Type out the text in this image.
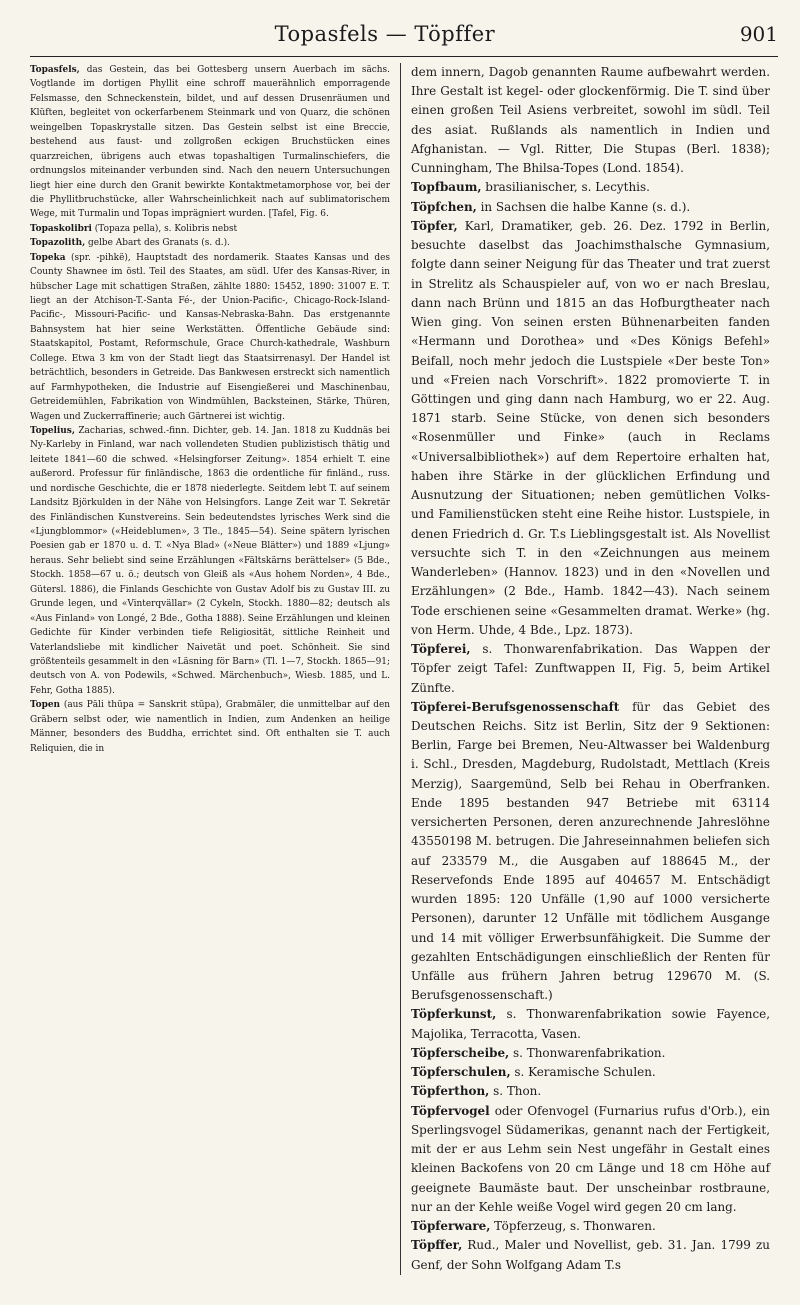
Topasfels — Töpffer	901

Topasfels, das Gestein, das bei Gottesberg unsern Auerbach im sächs. Vogtlande im dortigen Phyllit eine schroff mauerähnlich emporragende Felsmasse, den Schneckenstein, bildet, und auf dessen Drusenräumen und Klüften, begleitet von ockerfarbenem Steinmark und von Quarz, die schönen weingelben Topaskrystalle sitzen. Das Gestein selbst ist eine Breccie, bestehend aus faust- und zollgroßen eckigen Bruchstücken eines quarzreichen, übrigens auch etwas topashaltigen Turmalinschiefers, die ordnungslos miteinander verbunden sind. Nach den neuern Untersuchungen liegt hier eine durch den Granit bewirkte Kontaktmetamorphose vor, bei der die Phyllitbruchstücke, aller Wahrscheinlichkeit nach auf sublimatorischem Wege, mit Turmalin und Topas imprägniert wurden. [Tafel, Fig. 6.

Topaskolibri (Topaza pella), s. Kolibris nebst

Topazolith, gelbe Abart des Granats (s. d.).

Topeka (spr. -pihkë), Hauptstadt des nordamerik. Staates Kansas und des County Shawnee im östl. Teil des Staates, am südl. Ufer des Kansas-River, in hübscher Lage mit schattigen Straßen, zählte 1880: 15452, 1890: 31007 E. T. liegt an der Atchison-T.-Santa Fé-, der Union-Pacific-, Chicago-Rock-Island-Pacific-, Missouri-Pacific- und Kansas-Nebraska-Bahn. Das erstgenannte Bahnsystem hat hier seine Werkstätten. Öffentliche Gebäude sind: Staatskapitol, Postamt, Reformschule, Grace Church-kathedrale, Washburn College. Etwa 3 km von der Stadt liegt das Staatsirrenasyl. Der Handel ist beträchtlich, besonders in Getreide. Das Bankwesen erstreckt sich namentlich auf Farmhypotheken, die Industrie auf Eisengießerei und Maschinenbau, Getreidemühlen, Fabrikation von Windmühlen, Backsteinen, Stärke, Thüren, Wagen und Zuckerraffinerie; auch Gärtnerei ist wichtig.

Topelius, Zacharias, schwed.-finn. Dichter, geb. 14. Jan. 1818 zu Kuddnäs bei Ny-Karleby in Finland, war nach vollendeten Studien publizistisch thätig und leitete 1841—60 die schwed. «Helsingforser Zeitung». 1854 erhielt T. eine außerord. Professur für finländische, 1863 die ordentliche für finländ., russ. und nordische Geschichte, die er 1878 niederlegte. Seitdem lebt T. auf seinem Landsitz Björkulden in der Nähe von Helsingfors. Lange Zeit war T. Sekretär des Finländischen Kunstvereins. Sein bedeutendstes lyrisches Werk sind die «Ljungblommor» («Heideblumen», 3 Tle., 1845—54). Seine spätern lyrischen Poesien gab er 1870 u. d. T. «Nya Blad» («Neue Blätter») und 1889 «Ljung» heraus. Sehr beliebt sind seine Erzählungen «Fältskärns berättelser» (5 Bde., Stockh. 1858—67 u. ö.; deutsch von Gleiß als «Aus hohem Norden», 4 Bde., Gütersl. 1886), die Finlands Geschichte von Gustav Adolf bis zu Gustav III. zu Grunde legen, und «Vinterqvällar» (2 Cykeln, Stockh. 1880—82; deutsch als «Aus Finland» von Longé, 2 Bde., Gotha 1888). Seine Erzählungen und kleinen Gedichte für Kinder verbinden tiefe Religiosität, sittliche Reinheit und Vaterlandsliebe mit kindlicher Naivetät und poet. Schönheit. Sie sind größtenteils gesammelt in den «Läsning för Barn» (Tl. 1—7, Stockh. 1865—91; deutsch von A. von Podewils, «Schwed. Märchenbuch», Wiesb. 1885, und L. Fehr, Gotha 1885).

Topen (aus Pāli thūpa = Sanskrit stūpa), Grabmäler, die unmittelbar auf den Gräbern selbst oder, wie namentlich in Indien, zum Andenken an heilige Männer, besonders des Buddha, errichtet sind. Oft enthalten sie T. auch Reliquien, die in

dem innern, Dagob genannten Raume aufbewahrt werden. Ihre Gestalt ist kegel- oder glockenförmig. Die T. sind über einen großen Teil Asiens verbreitet, sowohl im südl. Teil des asiat. Rußlands als namentlich in Indien und Afghanistan. — Vgl. Ritter, Die Stupas (Berl. 1838); Cunningham, The Bhilsa-Topes (Lond. 1854).

Topfbaum, brasilianischer, s. Lecythis.

Töpfchen, in Sachsen die halbe Kanne (s. d.).

Töpfer, Karl, Dramatiker, geb. 26. Dez. 1792 in Berlin, besuchte daselbst das Joachimsthalsche Gymnasium, folgte dann seiner Neigung für das Theater und trat zuerst in Strelitz als Schauspieler auf, von wo er nach Breslau, dann nach Brünn und 1815 an das Hofburgtheater nach Wien ging. Von seinen ersten Bühnenarbeiten fanden «Hermann und Dorothea» und «Des Königs Befehl» Beifall, noch mehr jedoch die Lustspiele «Der beste Ton» und «Freien nach Vorschrift». 1822 promovierte T. in Göttingen und ging dann nach Hamburg, wo er 22. Aug. 1871 starb. Seine Stücke, von denen sich besonders «Rosenmüller und Finke» (auch in Reclams «Universalbibliothek») auf dem Repertoire erhalten hat, haben ihre Stärke in der glücklichen Erfindung und Ausnutzung der Situationen; neben gemütlichen Volks- und Familienstücken steht eine Reihe histor. Lustspiele, in denen Friedrich d. Gr. T.s Lieblingsgestalt ist. Als Novellist versuchte sich T. in den «Zeichnungen aus meinem Wanderleben» (Hannov. 1823) und in den «Novellen und Erzählungen» (2 Bde., Hamb. 1842—43). Nach seinem Tode erschienen seine «Gesammelten dramat. Werke» (hg. von Herm. Uhde, 4 Bde., Lpz. 1873).

Töpferei, s. Thonwarenfabrikation. Das Wappen der Töpfer zeigt Tafel: Zunftwappen II, Fig. 5, beim Artikel Zünfte.

Töpferei-Berufsgenossenschaft für das Gebiet des Deutschen Reichs. Sitz ist Berlin, Sitz der 9 Sektionen: Berlin, Farge bei Bremen, Neu-Altwasser bei Waldenburg i. Schl., Dresden, Magdeburg, Rudolstadt, Mettlach (Kreis Merzig), Saargemünd, Selb bei Rehau in Oberfranken. Ende 1895 bestanden 947 Betriebe mit 63114 versicherten Personen, deren anzurechnende Jahreslöhne 43550198 M. betrugen. Die Jahreseinnahmen beliefen sich auf 233579 M., die Ausgaben auf 188645 M., der Reservefonds Ende 1895 auf 404657 M. Entschädigt wurden 1895: 120 Unfälle (1,90 auf 1000 versicherte Personen), darunter 12 Unfälle mit tödlichem Ausgange und 14 mit völliger Erwerbsunfähigkeit. Die Summe der gezahlten Entschädigungen einschließlich der Renten für Unfälle aus frühern Jahren betrug 129670 M. (S. Berufsgenossenschaft.)

Töpferkunst, s. Thonwarenfabrikation sowie Fayence, Majolika, Terracotta, Vasen.

Töpferscheibe, s. Thonwarenfabrikation.

Töpferschulen, s. Keramische Schulen.

Töpferthon, s. Thon.

Töpfervogel oder Ofenvogel (Furnarius rufus d'Orb.), ein Sperlingsvogel Südamerikas, genannt nach der Fertigkeit, mit der er aus Lehm sein Nest ungefähr in Gestalt eines kleinen Backofens von 20 cm Länge und 18 cm Höhe auf geeignete Baumäste baut. Der unscheinbar rostbraune, nur an der Kehle weiße Vogel wird gegen 20 cm lang.

Töpferware, Töpferzeug, s. Thonwaren.

Töpffer, Rud., Maler und Novellist, geb. 31. Jan. 1799 zu Genf, der Sohn Wolfgang Adam T.s
